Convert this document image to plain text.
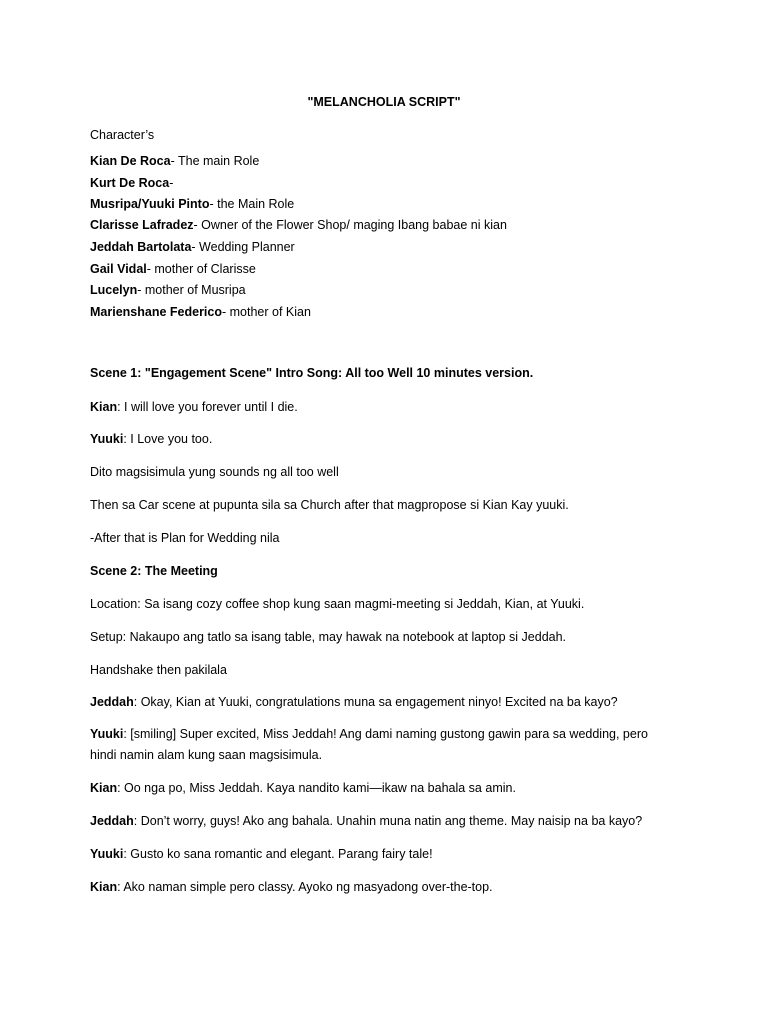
"MELANCHOLIA SCRIPT"
Character’s
Kian De Roca- The main Role
Kurt De Roca-
Musripa/Yuuki Pinto- the Main Role
Clarisse Lafradez- Owner of the Flower Shop/ maging Ibang babae ni kian
Jeddah Bartolata- Wedding Planner
Gail Vidal- mother of Clarisse
Lucelyn- mother of Musripa
Marienshane Federico- mother of Kian
Scene 1: "Engagement Scene" Intro Song: All too Well 10 minutes version.
Kian: I will love you forever until I die.
Yuuki: I Love you too.
Dito magsisimula yung sounds ng all too well
Then sa Car scene at pupunta sila sa Church after that magpropose si Kian Kay yuuki.
-After that is Plan for Wedding nila
Scene 2: The Meeting
Location: Sa isang cozy coffee shop kung saan magmi-meeting si Jeddah, Kian, at Yuuki.
Setup: Nakaupo ang tatlo sa isang table, may hawak na notebook at laptop si Jeddah.
Handshake then pakilala
Jeddah: Okay, Kian at Yuuki, congratulations muna sa engagement ninyo! Excited na ba kayo?
Yuuki: [smiling] Super excited, Miss Jeddah! Ang dami naming gustong gawin para sa wedding, pero hindi namin alam kung saan magsisimula.
Kian: Oo nga po, Miss Jeddah. Kaya nandito kami—ikaw na bahala sa amin.
Jeddah: Don’t worry, guys! Ako ang bahala. Unahin muna natin ang theme. May naisip na ba kayo?
Yuuki: Gusto ko sana romantic and elegant. Parang fairy tale!
Kian: Ako naman simple pero classy. Ayoko ng masyadong over-the-top.
